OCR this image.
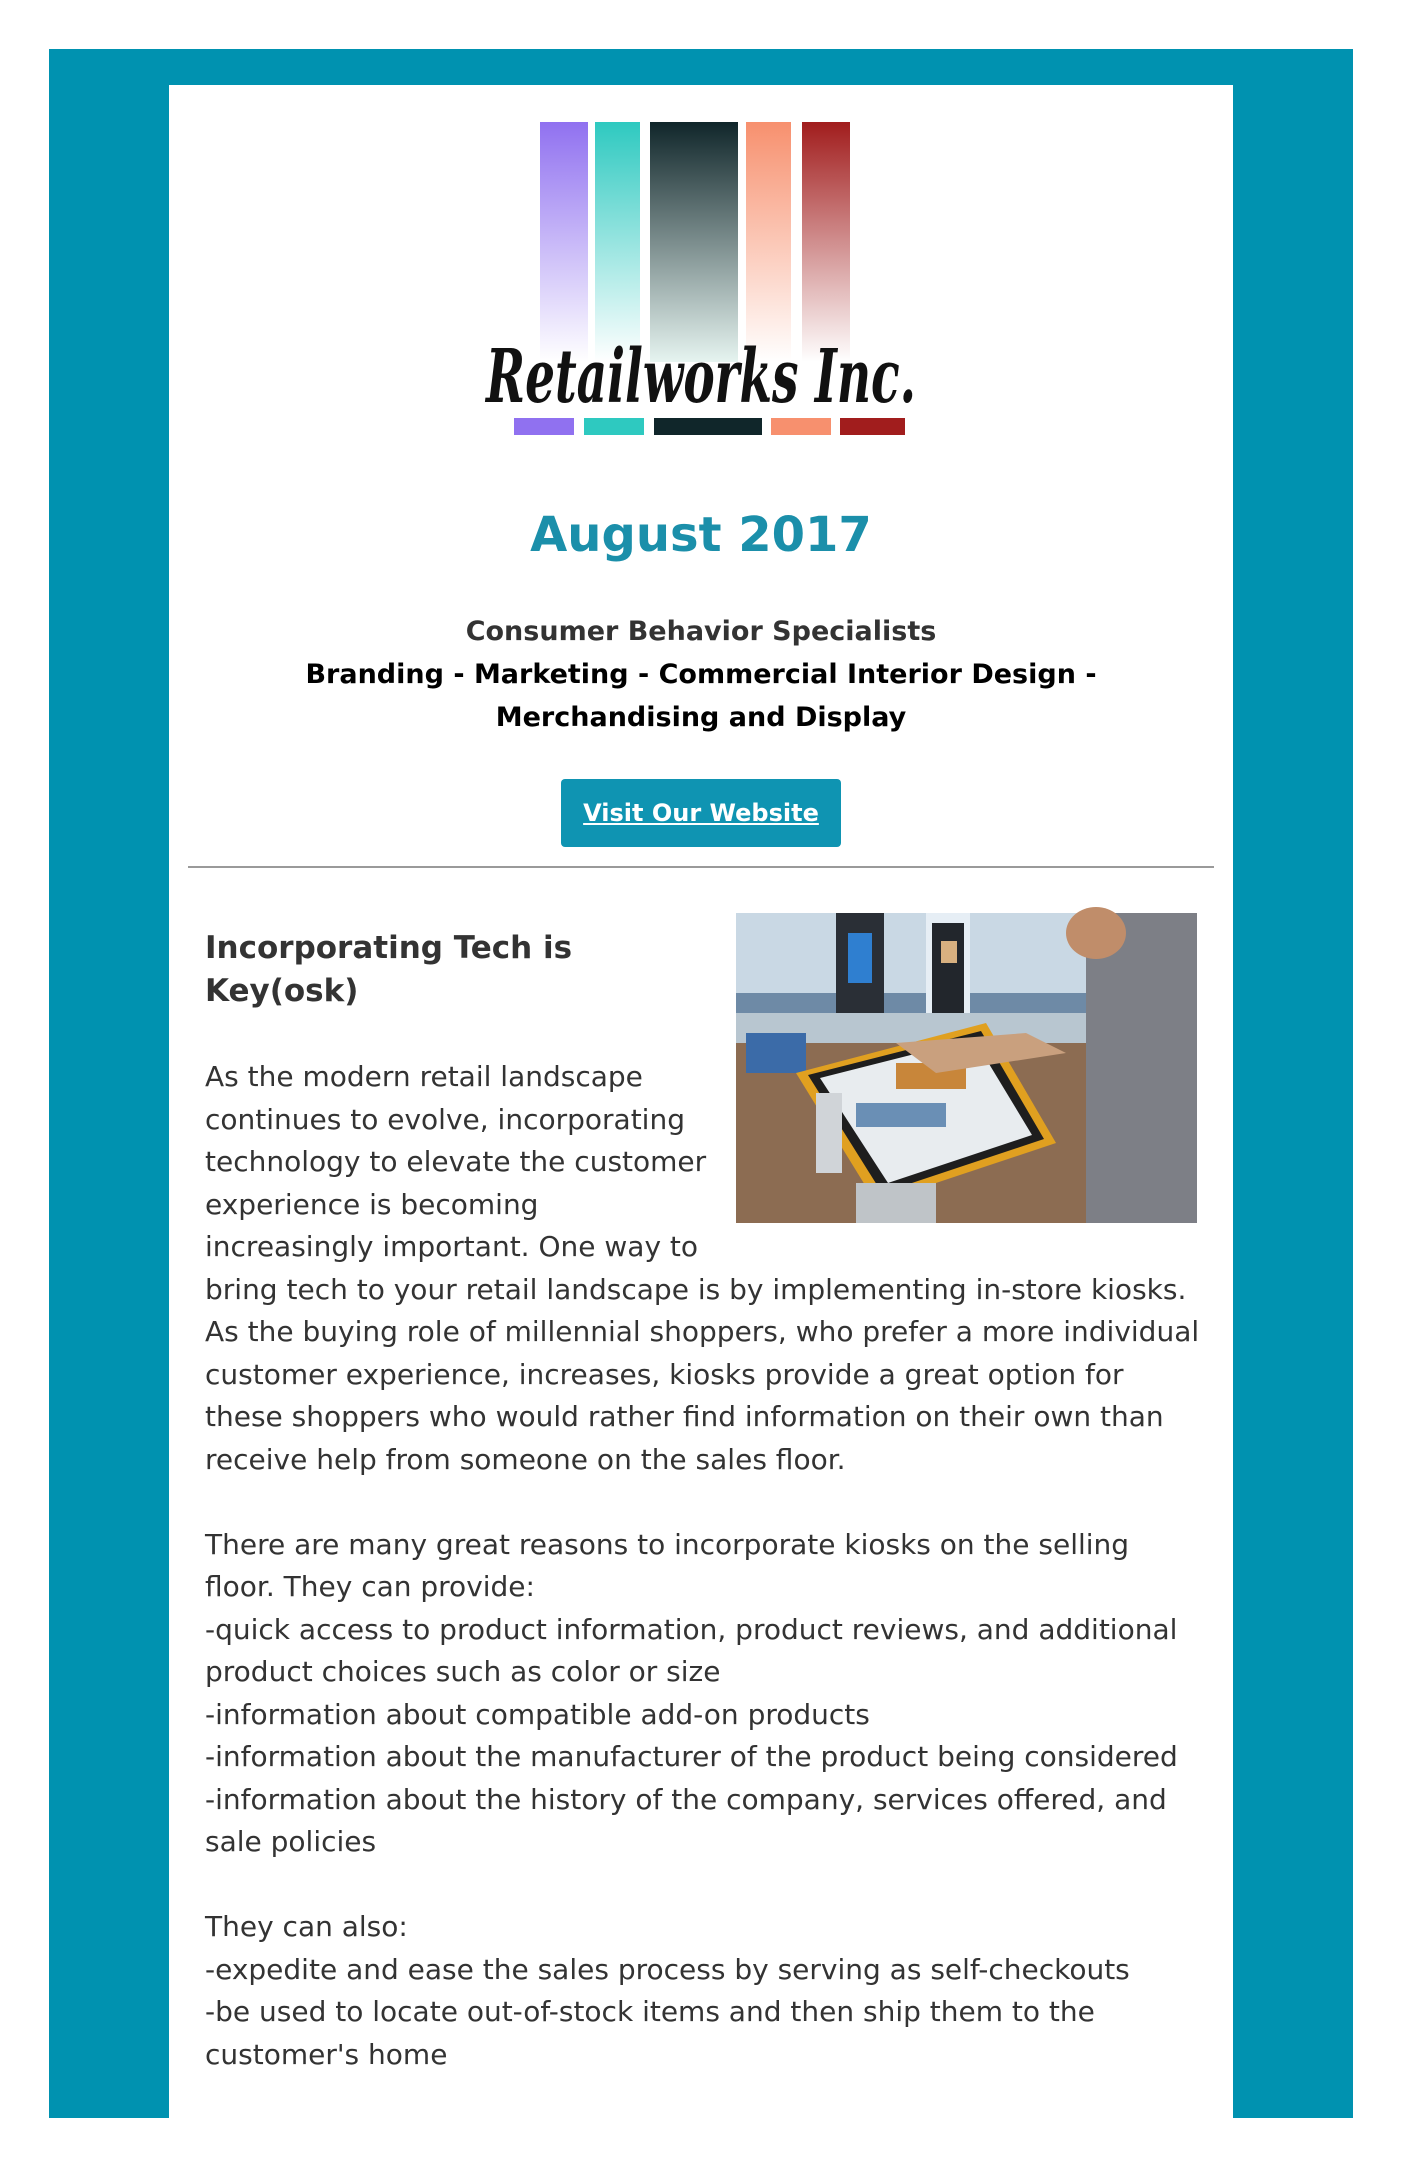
Retailworks Inc.
August 2017
Consumer Behavior Specialists
Branding - Marketing - Commercial Interior Design - Merchandising and Display
Visit Our Website
Incorporating Tech is Key(osk)

As the modern retail landscape continues to evolve, incorporating technology to elevate the customer experience is becoming increasingly important. One way to bring tech to your retail landscape is by implementing in-store kiosks. As the buying role of millennial shoppers, who prefer a more individual customer experience, increases, kiosks provide a great option for these shoppers who would rather find information on their own than receive help from someone on the sales floor.

There are many great reasons to incorporate kiosks on the selling floor. They can provide:
-quick access to product information, product reviews, and additional product choices such as color or size
-information about compatible add-on products
-information about the manufacturer of the product being considered
-information about the history of the company, services offered, and sale policies

They can also:
-expedite and ease the sales process by serving as self-checkouts
-be used to locate out-of-stock items and then ship them to the customer's home
